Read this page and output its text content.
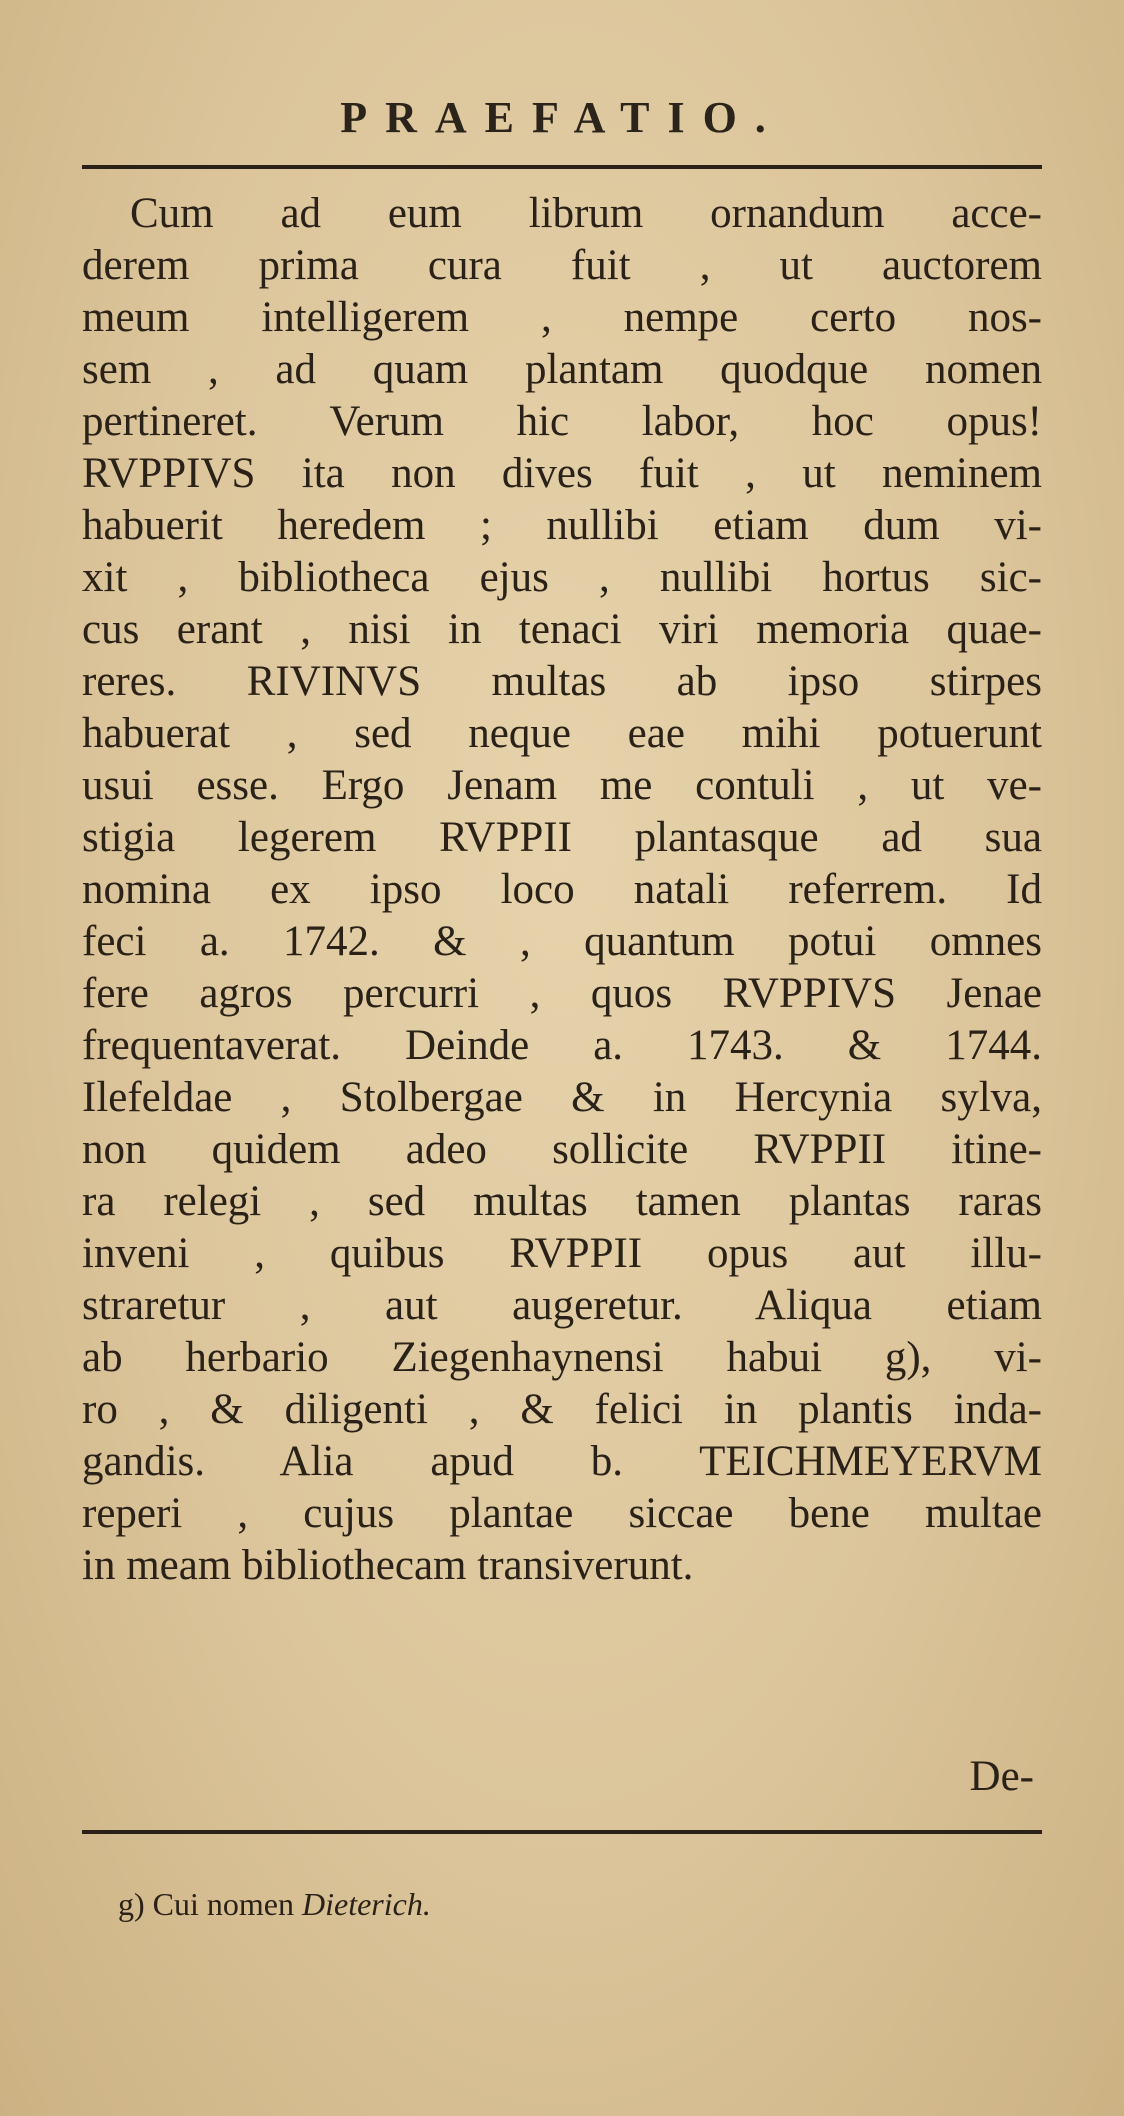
PRAEFATIO.
Cum ad eum librum ornandum acce-
derem prima cura fuit , ut auctorem
meum intelligerem , nempe certo nos-
sem , ad quam plantam quodque nomen
pertineret. Verum hic labor, hoc opus!
RVPPIVS ita non dives fuit , ut neminem
habuerit heredem ; nullibi etiam dum vi-
xit , bibliotheca ejus , nullibi hortus sic-
cus erant , nisi in tenaci viri memoria quae-
reres. RIVINVS multas ab ipso stirpes
habuerat , sed neque eae mihi potuerunt
usui esse. Ergo Jenam me contuli , ut ve-
stigia legerem RVPPII plantasque ad sua
nomina ex ipso loco natali referrem. Id
feci a. 1742. & , quantum potui omnes
fere agros percurri , quos RVPPIVS Jenae
frequentaverat. Deinde a. 1743. & 1744.
Ilefeldae , Stolbergae & in Hercynia sylva,
non quidem adeo sollicite RVPPII itine-
ra relegi , sed multas tamen plantas raras
inveni , quibus RVPPII opus aut illu-
straretur , aut augeretur. Aliqua etiam
ab herbario Ziegenhaynensi habui g), vi-
ro , & diligenti , & felici in plantis inda-
gandis. Alia apud b. TEICHMEYERVM
reperi , cujus plantae siccae bene multae
in meam bibliothecam transiverunt.
De-
g) Cui nomen Dieterich.
